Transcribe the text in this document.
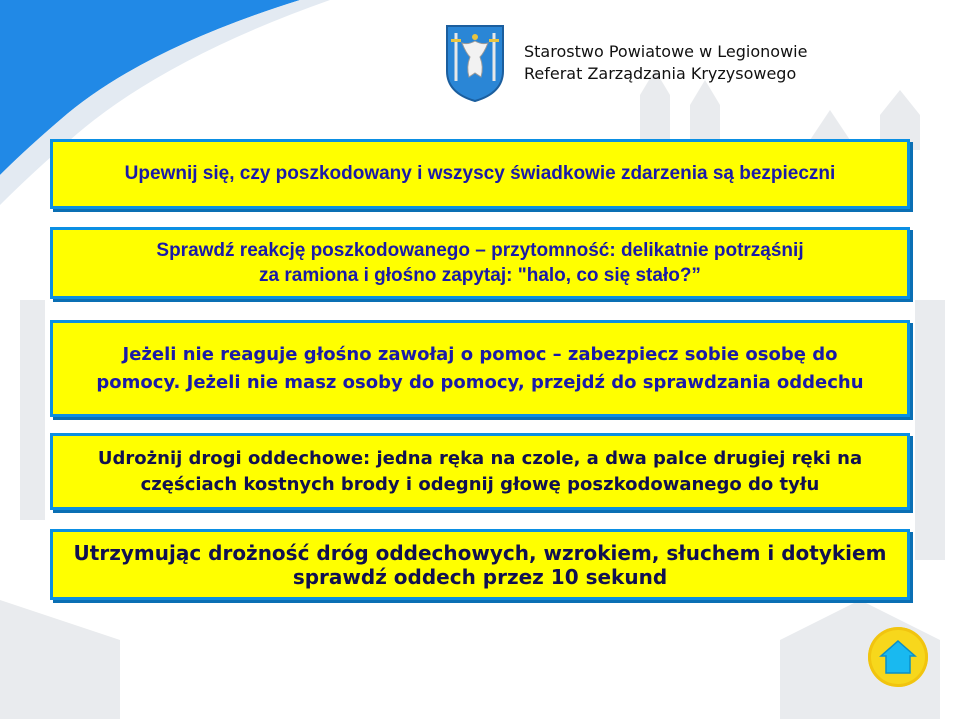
Starostwo Powiatowe w Legionowie
Referat Zarządzania Kryzysowego
Upewnij się, czy poszkodowany i wszyscy świadkowie zdarzenia są bezpieczni
Sprawdź reakcję poszkodowanego – przytomność: delikatnie potrząśnij
za ramiona i głośno zapytaj: "halo, co się stało?”
Jeżeli nie reaguje głośno zawołaj o pomoc – zabezpiecz sobie osobę do
pomocy. Jeżeli nie masz osoby do pomocy, przejdź do sprawdzania oddechu
Udrożnij drogi oddechowe: jedna ręka na czole, a dwa palce drugiej ręki na
częściach kostnych brody i odegnij głowę poszkodowanego do tyłu
Utrzymując drożność dróg oddechowych, wzrokiem, słuchem i dotykiem
sprawdź oddech przez 10 sekund
